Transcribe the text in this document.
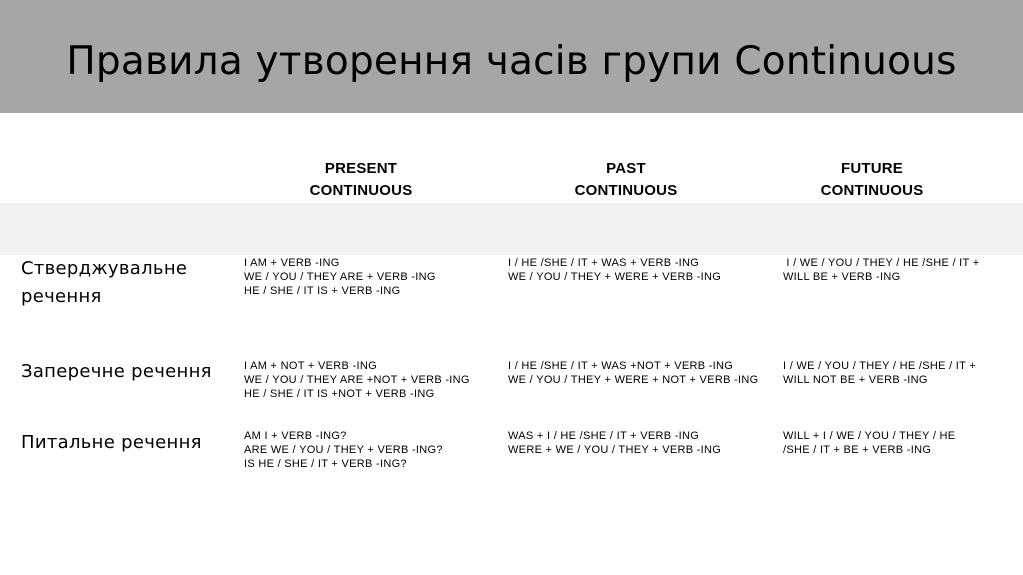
Правила утворення часів групи Continuous
PRESENT
CONTINUOUS
PAST
CONTINUOUS
FUTURE
CONTINUOUS
Стверджувальне речення
I AM + VERB -ING
WE / YOU / THEY ARE + VERB -ING
HE / SHE / IT IS + VERB -ING
I / HE /SHE / IT + WAS + VERB -ING
WE / YOU / THEY + WERE + VERB -ING
I / WE / YOU / THEY / HE /SHE / IT +
WILL BE + VERB -ING
Заперечне речення	I AM + NOT + VERB -ING
WE / YOU / THEY ARE +NOT + VERB -ING
HE / SHE / IT IS +NOT + VERB -ING
I / HE /SHE / IT + WAS +NOT + VERB -ING
WE / YOU / THEY + WERE + NOT + VERB -ING
I / WE / YOU / THEY / HE /SHE / IT +
WILL NOT BE + VERB -ING
Питальне речення	AM I + VERB -ING?
ARE WE / YOU / THEY + VERB -ING?
IS HE / SHE / IT + VERB -ING?
WAS + I / HE /SHE / IT + VERB -ING
WERE + WE / YOU / THEY + VERB -ING
WILL + I / WE / YOU / THEY / HE
/SHE / IT + BE + VERB -ING
